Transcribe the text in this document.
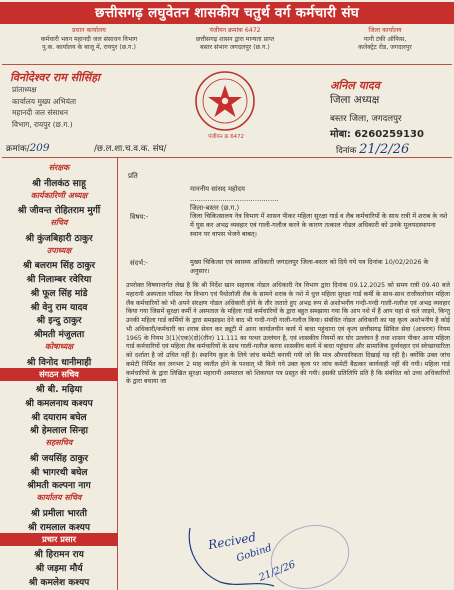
छत्तीसगढ़ लघुवेतन शासकीय चतुर्थ वर्ग कर्मचारी संघ
प्रधान कार्यालय
कर्मचारी भवन महानदी जल संसाधन विभाग
पु.क. कार्यालय के बाजू में, रायपुर (छ.ग.)
पंजीयन क्रमांक 6472
छत्तीसगढ़ शासन द्वारा मान्यता प्राप्त
बस्तर संभाग जगदलपुर (छ.ग.)
जिला कार्यालय
पानी टंकी ऑफिस,
कलेक्ट्रेट रोड, जगदलपुर
विनोदेश्वर राम सीसिंहा
प्रांताध्यक्ष
कार्यालय मुख्य अभियंता
महानदी जल संसाधन
विभाग, रायपुर (छ.ग.)
पंजीयन क्र 6472
अनिल यादव
जिला अध्यक्ष
बस्तर जिला, जगदलपुर
मोबा: 6260259130
क्रमांक/209	/छ.ल.शा.च.व.क. संघ/	दिनांक 21/2/26
संरक्षक
श्री नीलकंठ साहू
कार्यकारिणी अध्यक्ष
श्री जीवन्त रोहितराम मुर्गी
सचिव
श्री कुंजबिहारी ठाकुर
उपाध्यक्ष
श्री बलराम सिंह ठाकुर
श्री निलाम्बर रवेरिया
श्री फूल सिंह मांडे
श्री वेनु राम यादव
श्री इन्दु ठाकुर
श्रीमती मंजुलता
कोषाध्यक्ष
श्री विनोद धानीमाही
संगठन सचिव
श्री बी. मढ़िया
श्री कमलनाथ कश्यप
श्री दयाराम बघेल
श्री हेमलाल सिन्हा
सहसचिव
श्री जयसिंह ठाकुर
श्री भागरथी बघेल
श्रीमती कल्पना नाग
कार्यालय सचिव
श्री प्रमीला भारती
श्री रामलाल कश्यप
प्रचार प्रसार
श्री हिरामन राय
श्री जड़मा मौर्य
श्री कमलेश कश्यप
प्रति
माननीय सांसद महोदय
.........................................
जिला-बस्तर (छ.ग.)
विषय:-	जिला चिकित्सालय नेत्र विभाग में शासन पीकर महिला सुरक्षा गार्ड व लैब कर्मचारियों के साथ रात्री में शराब के नशे में घुस कर अभद्र व्यवहार एवं गाली-गलौज करने के कारण तत्काल नोडल अधिकारी को उनके मूलपदस्थापना स्थान पर वापस भेजने बाबत्।
संदर्भ:-	मुख्य चिकित्सा एवं स्वास्थ्य अधिकारी जगदलपुर जिला-बस्तर को दिये गये पत्र दिनांक 10/02/2026 के अनुसार।
उपरोक्त विषयान्तर्गत लेख है कि श्री निर्देश खान सहायक नोडल अधिकारी नेत्र विभाग द्वारा दिनांक 09.12.2025 को समय रात्री 09.40 बजे महारानी अस्पताल परिसर नेत्र विभाग एवं पैथोलॉजी लैब के सामने शराब के नशे में धुत्त महिला सुरक्षा गार्ड कर्मी के साथ-साथ राजीवलोचन महिला लैब कर्मचारियों को भी अपने संरक्षण नोडल अधिकारी होने के तौर जताते हुए अभद्र रूप से अशोभनीय गन्दी-गन्दी गाली-गलौज एवं अभद्र व्यवहार किया गया जिसमें सुरक्षा कर्मी ने अस्पताल के महिला गार्ड कर्मचारियों के द्वारा बहुत समझाया गया कि आप नशे में हैं आप यहां से चले जाइये, किन्तु उनकी महिला गार्ड कर्मियों के द्वारा समझाइश देने बाद भी गन्दी-गन्दी गाली-गलौज किया। संबंधित नोडल अधिकारी का यह कृत्य अशोभनीय है कोई भी अधिकारी/कर्मचारी का शराब सेवन कर ड्यूटी में आना कार्यालयीन कार्य में बाधा पहुंचाना एवं कृत्य छत्तीसगढ़ सिविल सेवा (आचरण) नियम 1965 के नियम 3(1)(एक)(दो)(तीन) 11.111 का पत्थर उल्लंघन है, एवं शासकीय नियमों का घोर उल्लंघन है तथा शासन पीकर आना महिला गार्ड कर्मचारियों एवं महिला लैब कर्मचारियों के साथ गाली-गलौज करना शासकीय कार्य में बाधा पहुंचाना और सामाजिक दुर्व्यवहार एवं स्वेच्छाचारिता को दर्शाता है जो उचित नहीं है। स्थानिय कुल के लिये जांच कमेटी बनायी गयी जो कि मात्र औपचारिकता दिखाई पड़ रही है। क्योंकि उक्त जांच कमेटी निर्मित कर लगभग 2 माह व्यतीत होने के पश्चात् भी किये गये उक्त कृत्य पर जांच कमेटी बैठाकर कार्यवाही नहीं की गयी। महिला गार्ड कर्मचारियों के द्वारा लिखित सुरक्षा महारानी अस्पताल को शिकायत पत्र प्रस्तुत की गयी। इसकी प्रतिलिपि प्रति है कि संबंधित को उच्च अधिकारियों के द्वारा बचाया जा
Recived
Gobind
21/2/26
